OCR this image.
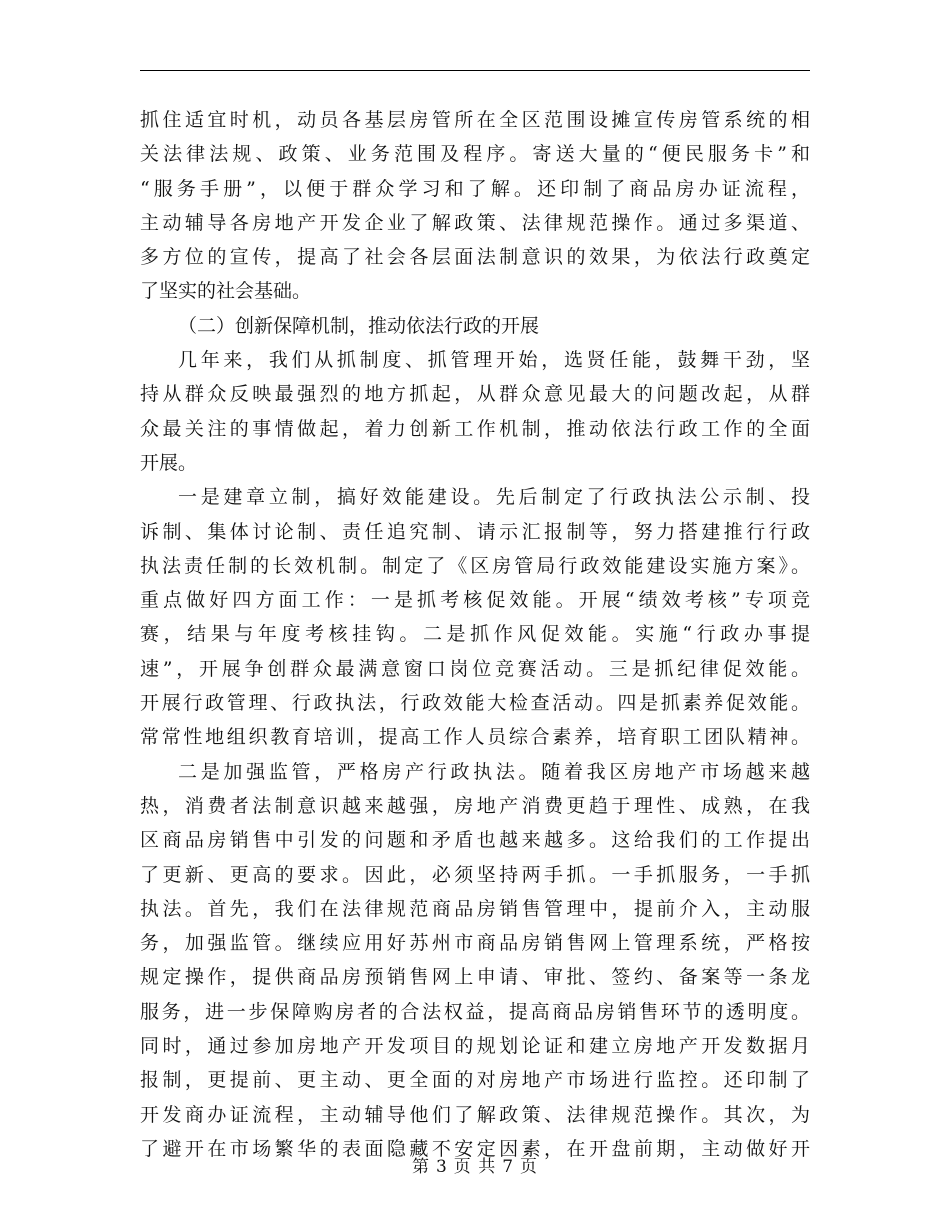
抓住适宜时机，动员各基层房管所在全区范围设摊宣传房管系统的相
关法律法规、政策、业务范围及程序。寄送大量的“便民服务卡”和
“服务手册”，以便于群众学习和了解。还印制了商品房办证流程，
主动辅导各房地产开发企业了解政策、法律规范操作。通过多渠道、
多方位的宣传，提高了社会各层面法制意识的效果，为依法行政奠定
了坚实的社会基础。
（二）创新保障机制，推动依法行政的开展
几年来，我们从抓制度、抓管理开始，选贤任能，鼓舞干劲，坚
持从群众反映最强烈的地方抓起，从群众意见最大的问题改起，从群
众最关注的事情做起，着力创新工作机制，推动依法行政工作的全面
开展。
一是建章立制，搞好效能建设。先后制定了行政执法公示制、投
诉制、集体讨论制、责任追究制、请示汇报制等，努力搭建推行行政
执法责任制的长效机制。制定了《区房管局行政效能建设实施方案》。
重点做好四方面工作：一是抓考核促效能。开展“绩效考核”专项竞
赛，结果与年度考核挂钩。二是抓作风促效能。实施“行政办事提
速”，开展争创群众最满意窗口岗位竞赛活动。三是抓纪律促效能。
开展行政管理、行政执法，行政效能大检查活动。四是抓素养促效能。
常常性地组织教育培训，提高工作人员综合素养，培育职工团队精神。
二是加强监管，严格房产行政执法。随着我区房地产市场越来越
热，消费者法制意识越来越强，房地产消费更趋于理性、成熟，在我
区商品房销售中引发的问题和矛盾也越来越多。这给我们的工作提出
了更新、更高的要求。因此，必须坚持两手抓。一手抓服务，一手抓
执法。首先，我们在法律规范商品房销售管理中，提前介入，主动服
务，加强监管。继续应用好苏州市商品房销售网上管理系统，严格按
规定操作，提供商品房预销售网上申请、审批、签约、备案等一条龙
服务，进一步保障购房者的合法权益，提高商品房销售环节的透明度。
同时，通过参加房地产开发项目的规划论证和建立房地产开发数据月
报制，更提前、更主动、更全面的对房地产市场进行监控。还印制了
开发商办证流程，主动辅导他们了解政策、法律规范操作。其次，为
了避开在市场繁华的表面隐藏不安定因素，在开盘前期，主动做好开
第 3 页 共 7 页
